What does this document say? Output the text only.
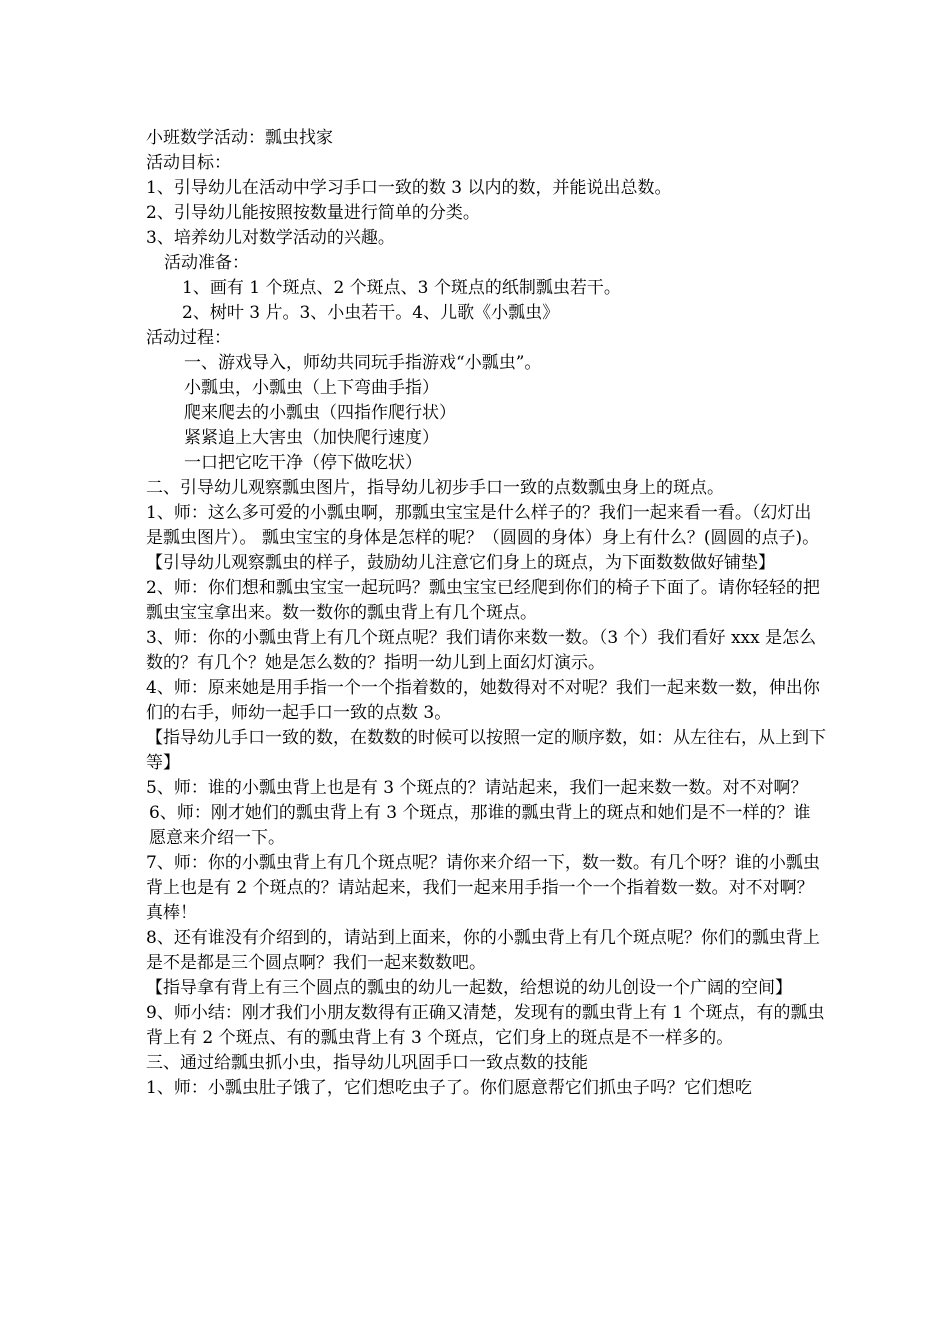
小班数学活动：瓢虫找家
活动目标：
1、引导幼儿在活动中学习手口一致的数 3 以内的数，并能说出总数。
2、引导幼儿能按照按数量进行简单的分类。
3、培养幼儿对数学活动的兴趣。
活动准备：
1、画有 1 个斑点、2 个斑点、3 个斑点的纸制瓢虫若干。
2、树叶 3 片。3、小虫若干。4、儿歌《小瓢虫》
活动过程：
一、游戏导入，师幼共同玩手指游戏“小瓢虫”。
小瓢虫，小瓢虫（上下弯曲手指）
爬来爬去的小瓢虫（四指作爬行状）
紧紧追上大害虫（加快爬行速度）
一口把它吃干净（停下做吃状）
二、引导幼儿观察瓢虫图片，指导幼儿初步手口一致的点数瓢虫身上的斑点。
1、师：这么多可爱的小瓢虫啊，那瓢虫宝宝是什么样子的？我们一起来看一看。（幻灯出是瓢虫图片）。 瓢虫宝宝的身体是怎样的呢？（圆圆的身体）身上有什么？(圆圆的点子)。
【引导幼儿观察瓢虫的样子，鼓励幼儿注意它们身上的斑点，为下面数数做好铺垫】
2、师：你们想和瓢虫宝宝一起玩吗？瓢虫宝宝已经爬到你们的椅子下面了。请你轻轻的把瓢虫宝宝拿出来。数一数你的瓢虫背上有几个斑点。
3、师：你的小瓢虫背上有几个斑点呢？我们请你来数一数。（3 个）我们看好 xxx 是怎么数的？有几个？她是怎么数的？指明一幼儿到上面幻灯演示。
4、师：原来她是用手指一个一个指着数的，她数得对不对呢？我们一起来数一数，伸出你们的右手，师幼一起手口一致的点数 3。
【指导幼儿手口一致的数，在数数的时候可以按照一定的顺序数，如：从左往右，从上到下等】
5、师：谁的小瓢虫背上也是有 3 个斑点的？请站起来，我们一起来数一数。对不对啊？
6、师：刚才她们的瓢虫背上有 3 个斑点，那谁的瓢虫背上的斑点和她们是不一样的？谁愿意来介绍一下。
7、师：你的小瓢虫背上有几个斑点呢？请你来介绍一下，数一数。有几个呀？谁的小瓢虫背上也是有 2 个斑点的？请站起来，我们一起来用手指一个一个指着数一数。对不对啊？真棒！
8、还有谁没有介绍到的，请站到上面来，你的小瓢虫背上有几个斑点呢？你们的瓢虫背上是不是都是三个圆点啊？我们一起来数数吧。
【指导拿有背上有三个圆点的瓢虫的幼儿一起数，给想说的幼儿创设一个广阔的空间】
9、师小结：刚才我们小朋友数得有正确又清楚，发现有的瓢虫背上有 1 个斑点，有的瓢虫背上有 2 个斑点、有的瓢虫背上有 3 个斑点，它们身上的斑点是不一样多的。
三、通过给瓢虫抓小虫，指导幼儿巩固手口一致点数的技能
1、师：小瓢虫肚子饿了，它们想吃虫子了。你们愿意帮它们抓虫子吗？它们想吃
